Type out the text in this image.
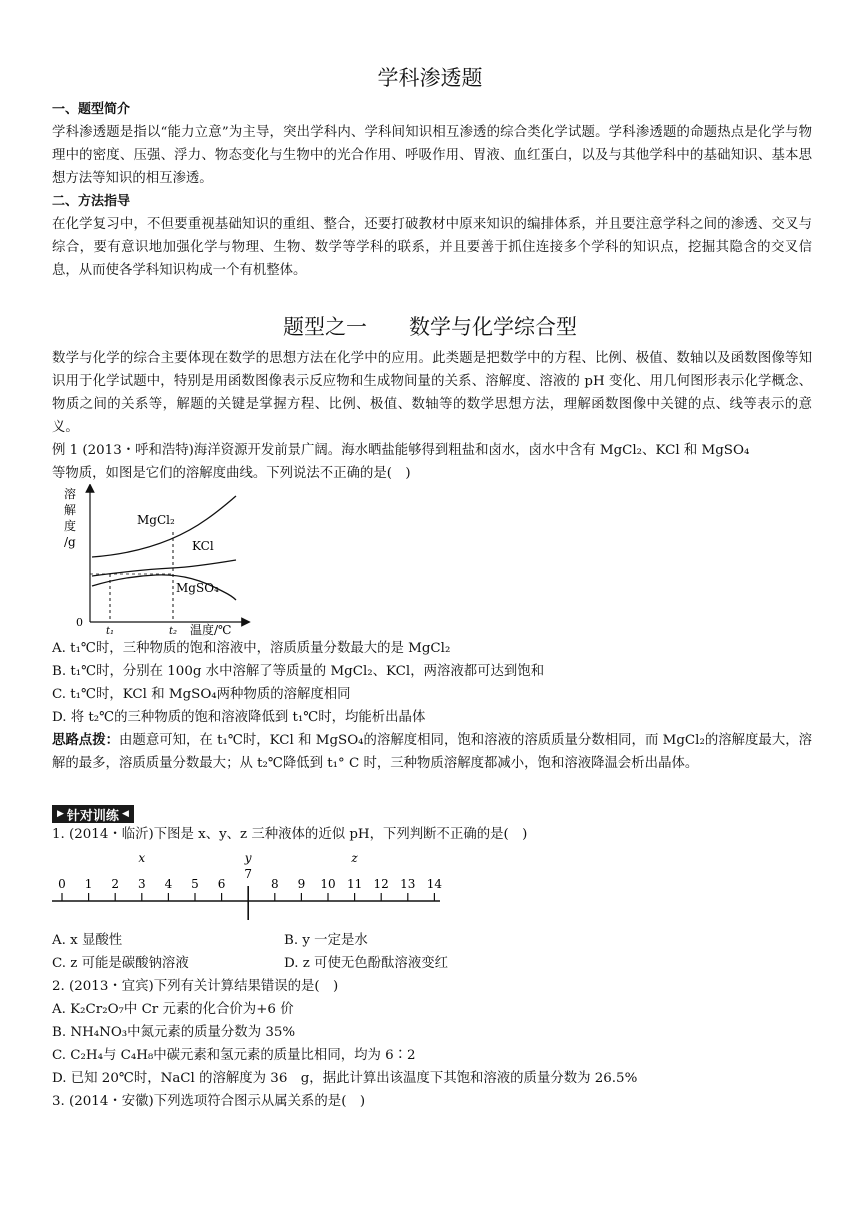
学科渗透题

一、题型简介

学科渗透题是指以“能力立意”为主导，突出学科内、学科间知识相互渗透的综合类化学试题。学科渗透题的命题热点是化学与物理中的密度、压强、浮力、物态变化与生物中的光合作用、呼吸作用、胃液、血红蛋白，以及与其他学科中的基础知识、基本思想方法等知识的相互渗透。

二、方法指导

在化学复习中，不但要重视基础知识的重组、整合，还要打破教材中原来知识的编排体系，并且要注意学科之间的渗透、交叉与综合，要有意识地加强化学与物理、生物、数学等学科的联系，并且要善于抓住连接多个学科的知识点，挖掘其隐含的交叉信息，从而使各学科知识构成一个有机整体。

题型之一　　数学与化学综合型

数学与化学的综合主要体现在数学的思想方法在化学中的应用。此类题是把数学中的方程、比例、极值、数轴以及函数图像等知识用于化学试题中，特别是用函数图像表示反应物和生成物间量的关系、溶解度、溶液的 pH 变化、用几何图形表示化学概念、物质之间的关系等，解题的关键是掌握方程、比例、极值、数轴等的数学思想方法，理解函数图像中关键的点、线等表示的意义。

例 1 (2013・呼和浩特)海洋资源开发前景广阔。海水晒盐能够得到粗盐和卤水，卤水中含有 MgCl₂、KCl 和 MgSO₄

等物质，如图是它们的溶解度曲线。下列说法不正确的是(　)

溶
解
度
/g
0
MgCl₂
KCl
MgSO₄
t₁	t₂ 温度/℃

A. t₁℃时，三种物质的饱和溶液中，溶质质量分数最大的是 MgCl₂

B. t₁℃时，分别在 100g 水中溶解了等质量的 MgCl₂、KCl，两溶液都可达到饱和

C. t₁℃时，KCl 和 MgSO₄两种物质的溶解度相同

D. 将 t₂℃的三种物质的饱和溶液降低到 t₁℃时，均能析出晶体

思路点拨：由题意可知，在 t₁℃时，KCl 和 MgSO₄的溶解度相同，饱和溶液的溶质质量分数相同，而 MgCl₂的溶解度最大，溶解的最多，溶质质量分数最大；从 t₂℃降低到 t₁° C 时，三种物质溶解度都减小，饱和溶液降温会析出晶体。

▶ 针对训练 ◀

1. (2014・临沂)下图是 x、y、z 三种液体的近似 pH，下列判断不正确的是(　)

0 1 2 3 4 5 6
7
8 9 10 11 12 13 14
x	y	z
A. x 显酸性	B. y 一定是水
C. z 可能是碳酸钠溶液	D. z 可使无色酚酞溶液变红

2. (2013・宜宾)下列有关计算结果错误的是(　)

A. K₂Cr₂O₇中 Cr 元素的化合价为+6 价

B. NH₄NO₃中氮元素的质量分数为 35%

C. C₂H₄与 C₄H₈中碳元素和氢元素的质量比相同，均为 6∶2

D. 已知 20℃时，NaCl 的溶解度为 36　g，据此计算出该温度下其饱和溶液的质量分数为 26.5%

3. (2014・安徽)下列选项符合图示从属关系的是(　)
